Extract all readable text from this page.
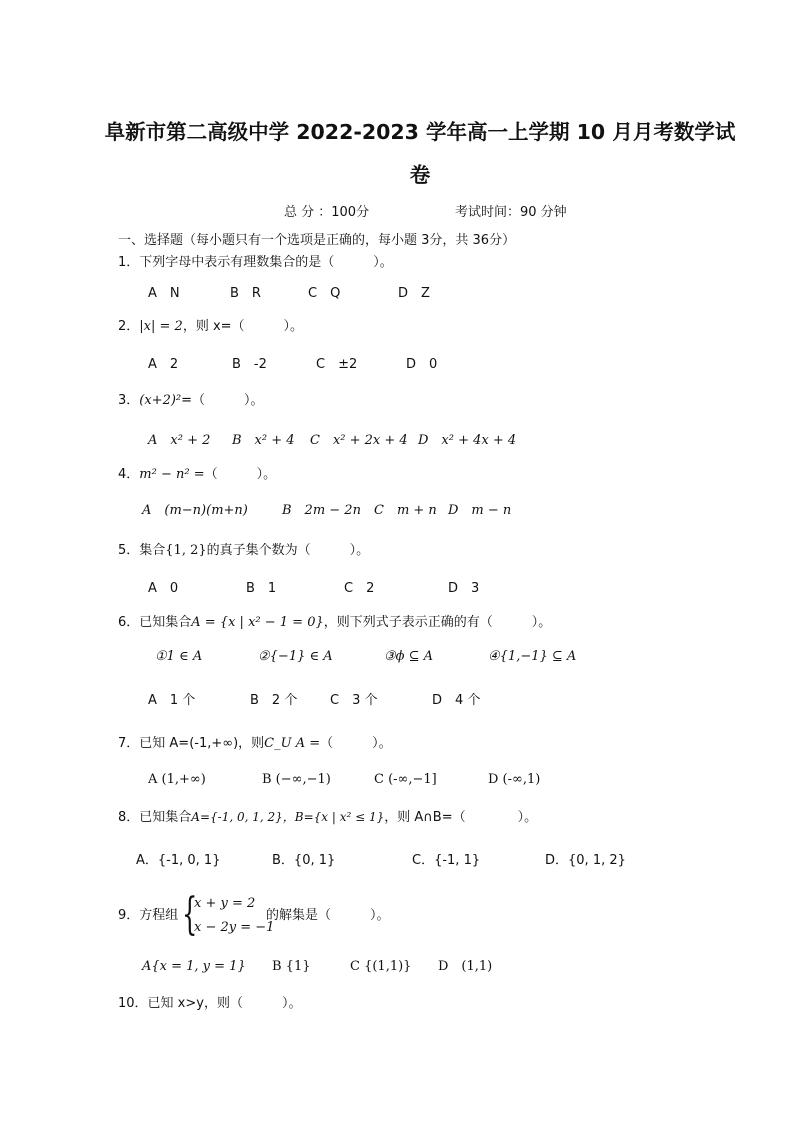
阜新市第二高级中学 2022-2023 学年高一上学期 10 月月考数学试
卷
总 分 ：100分	考试时间：90 分钟
一、选择题（每小题只有一个选项是正确的，每小题 3分，共 36分）
1．下列字母中表示有理数集合的是（　　　）。
A　N	B　R	C　Q	D　Z
2．|x| = 2，则 x=（　　　）。
A　2	B　-2	C　±2	D　0
3．(x+2)²=（　　　）。
A　x² + 2 B　x² + 4 C　x² + 2x + 4 D　x² + 4x + 4
4．m² − n² =（　　　）。
A　(m−n)(m+n)	B　2m − 2n C　m + n D　m − n
5．集合{1, 2}的真子集个数为（　　　）。
A　0	B　1	C　2	D　3
6．已知集合A = {x | x² − 1 = 0}，则下列式子表示正确的有（　　　）。
①1 ∈ A	②{−1} ∈ A	③ϕ ⊆ A	④{1,−1} ⊆ A
A　1 个	B　2 个	C　3 个	D　4 个
7．已知 A=(-1,+∞)，则C_U A =（　　　）。
A (1,+∞)	B (−∞,−1)	C (-∞,−1]	D (-∞,1)
8．已知集合A={-1, 0, 1, 2}，B={x | x² ≤ 1}，则 A∩B=（　　　　）。
A．{-1, 0, 1}	B．{0, 1}	C．{-1, 1}	D．{0, 1, 2}
9．方程组 {
x + y = 2
x − 2y = −1
的解集是（　　　）。
A{x = 1, y = 1} B {1}	C {(1,1)} D　(1,1)
10．已知 x>y，则（　　　）。
